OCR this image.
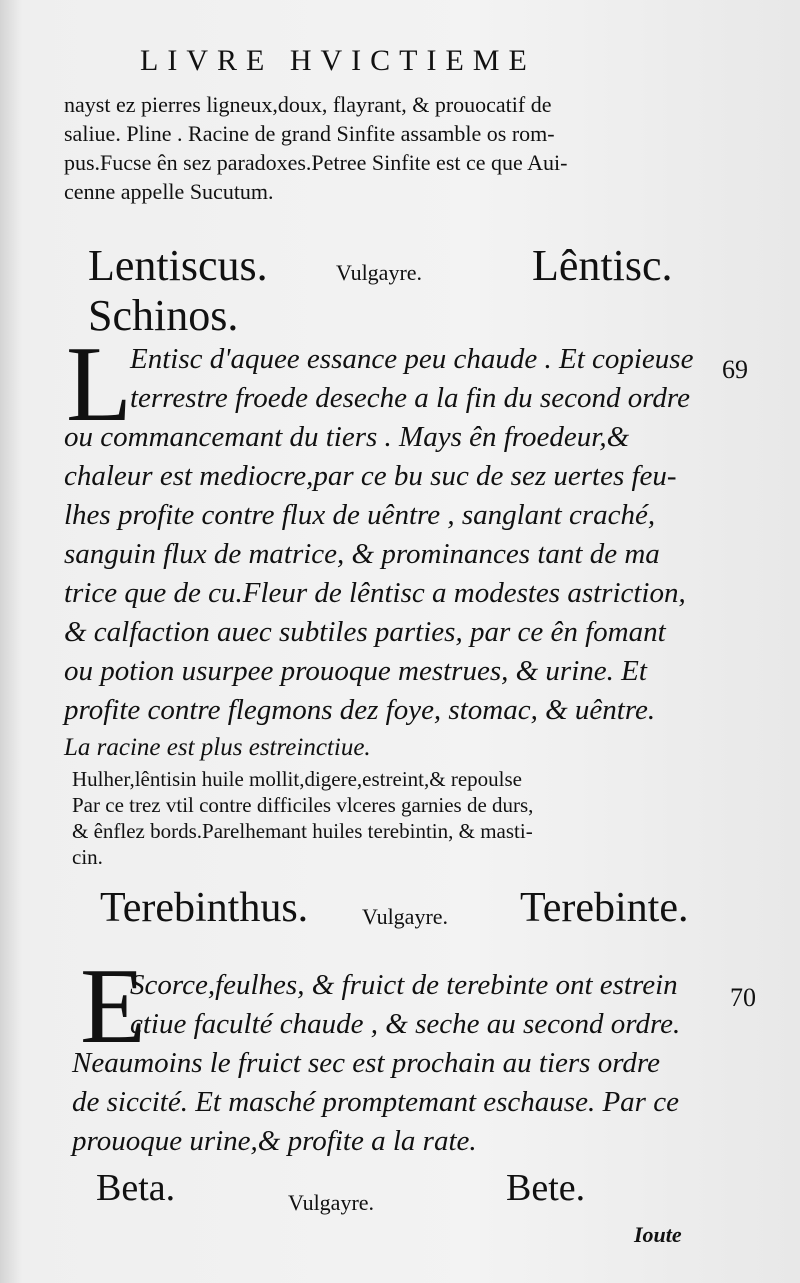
LIVRE HVICTIEME
nayst ez pierres ligneux,doux, flayrant, & prouocatif de
saliue. Pline . Racine de grand Sinfite assamble os rom-
pus.Fucse ên sez paradoxes.Petree Sinfite est ce que Aui-
cenne appelle Sucutum.
Lentiscus.	Vulgayre. Lêntisc.
Schinos.
L	69
Entisc d'aquee essance peu chaude . Et copieuse
terrestre froede deseche a la fin du second ordre
ou commancemant du tiers . Mays ên froedeur,&
chaleur est mediocre,par ce bu suc de sez uertes feu-
lhes profite contre flux de uêntre , sanglant craché,
sanguin flux de matrice, & prominances tant de ma
trice que de cu.Fleur de lêntisc a modestes astriction,
& calfaction auec subtiles parties, par ce ên fomant
ou potion usurpee prouoque mestrues, & urine. Et
profite contre flegmons dez foye, stomac, & uêntre.
La racine est plus estreinctiue.
Hulher,lêntisin huile mollit,digere,estreint,& repoulse
Par ce trez vtil contre difficiles vlceres garnies de durs,
& ênflez bords.Parelhemant huiles terebintin, & masti-
cin.
Terebinthus. Vulgayre. Terebinte.
E	70
Scorce,feulhes, & fruict de terebinte ont estrein
ctiue faculté chaude , & seche au second ordre.
Neaumoins le fruict sec est prochain au tiers ordre
de siccité. Et masché promptemant eschause. Par ce
prouoque urine,& profite a la rate.
Beta.	Vulgayre.	Bete.
Ioute
